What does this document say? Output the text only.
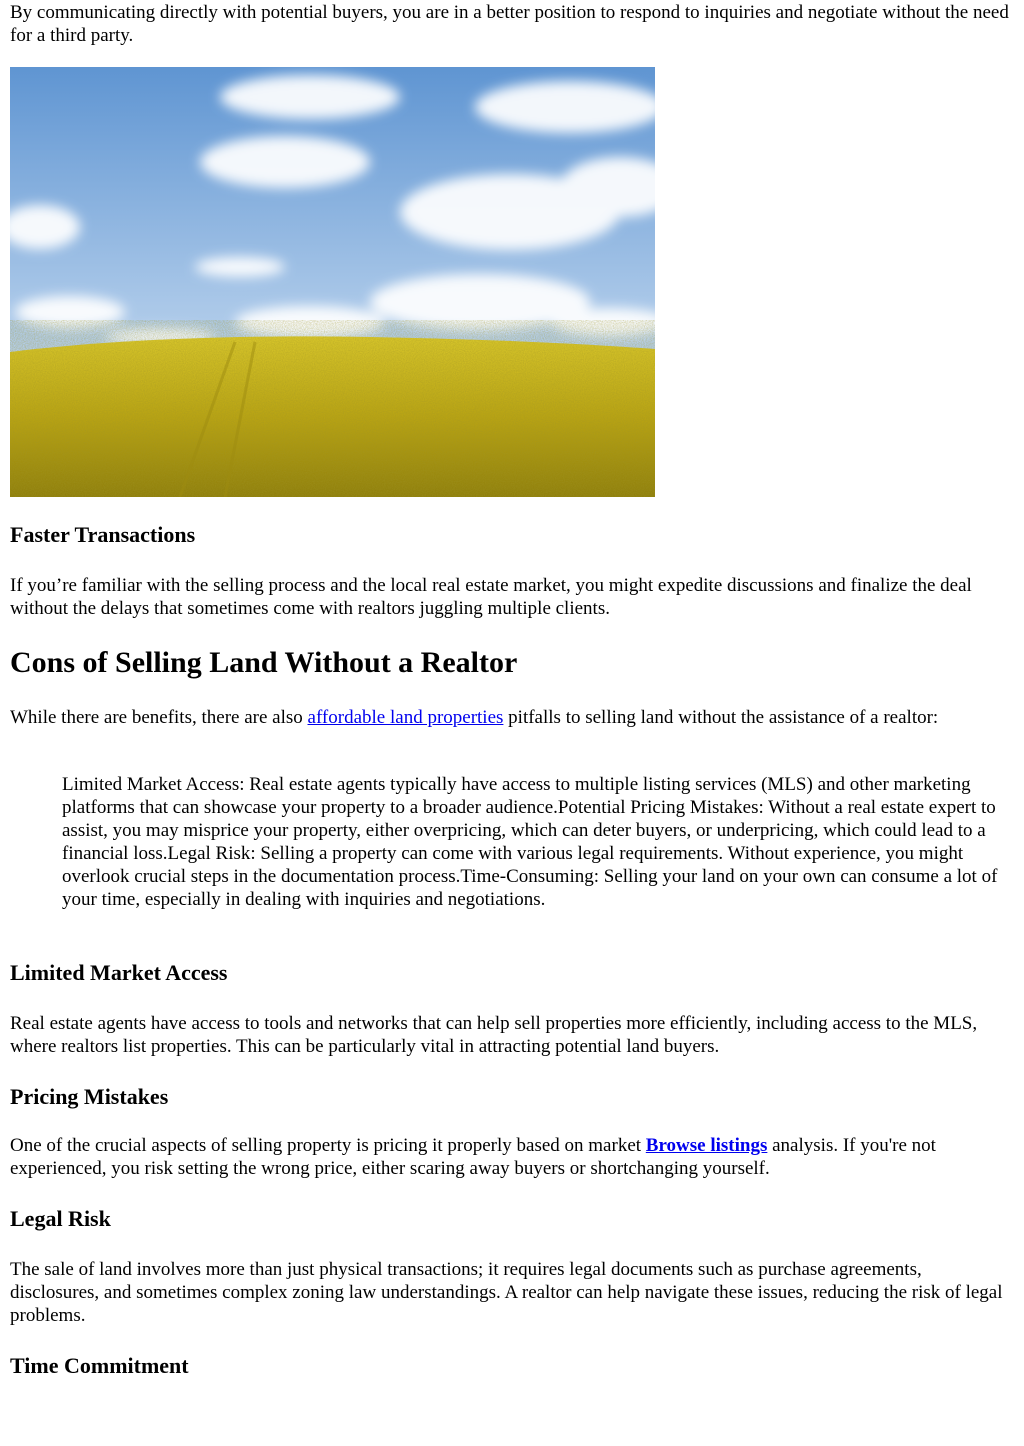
By communicating directly with potential buyers, you are in a better position to respond to inquiries and negotiate without the need for a third party.

Faster Transactions

If you’re familiar with the selling process and the local real estate market, you might expedite discussions and finalize the deal without the delays that sometimes come with realtors juggling multiple clients.

Cons of Selling Land Without a Realtor

While there are benefits, there are also affordable land properties pitfalls to selling land without the assistance of a realtor:

Limited Market Access: Real estate agents typically have access to multiple listing services (MLS) and other marketing platforms that can showcase your property to a broader audience.Potential Pricing Mistakes: Without a real estate expert to assist, you may misprice your property, either overpricing, which can deter buyers, or underpricing, which could lead to a financial loss.Legal Risk: Selling a property can come with various legal requirements. Without experience, you might overlook crucial steps in the documentation process.Time-Consuming: Selling your land on your own can consume a lot of your time, especially in dealing with inquiries and negotiations.

Limited Market Access

Real estate agents have access to tools and networks that can help sell properties more efficiently, including access to the MLS, where realtors list properties. This can be particularly vital in attracting potential land buyers.

Pricing Mistakes

One of the crucial aspects of selling property is pricing it properly based on market Browse listings analysis. If you're not experienced, you risk setting the wrong price, either scaring away buyers or shortchanging yourself.

Legal Risk

The sale of land involves more than just physical transactions; it requires legal documents such as purchase agreements, disclosures, and sometimes complex zoning law understandings. A realtor can help navigate these issues, reducing the risk of legal problems.

Time Commitment
